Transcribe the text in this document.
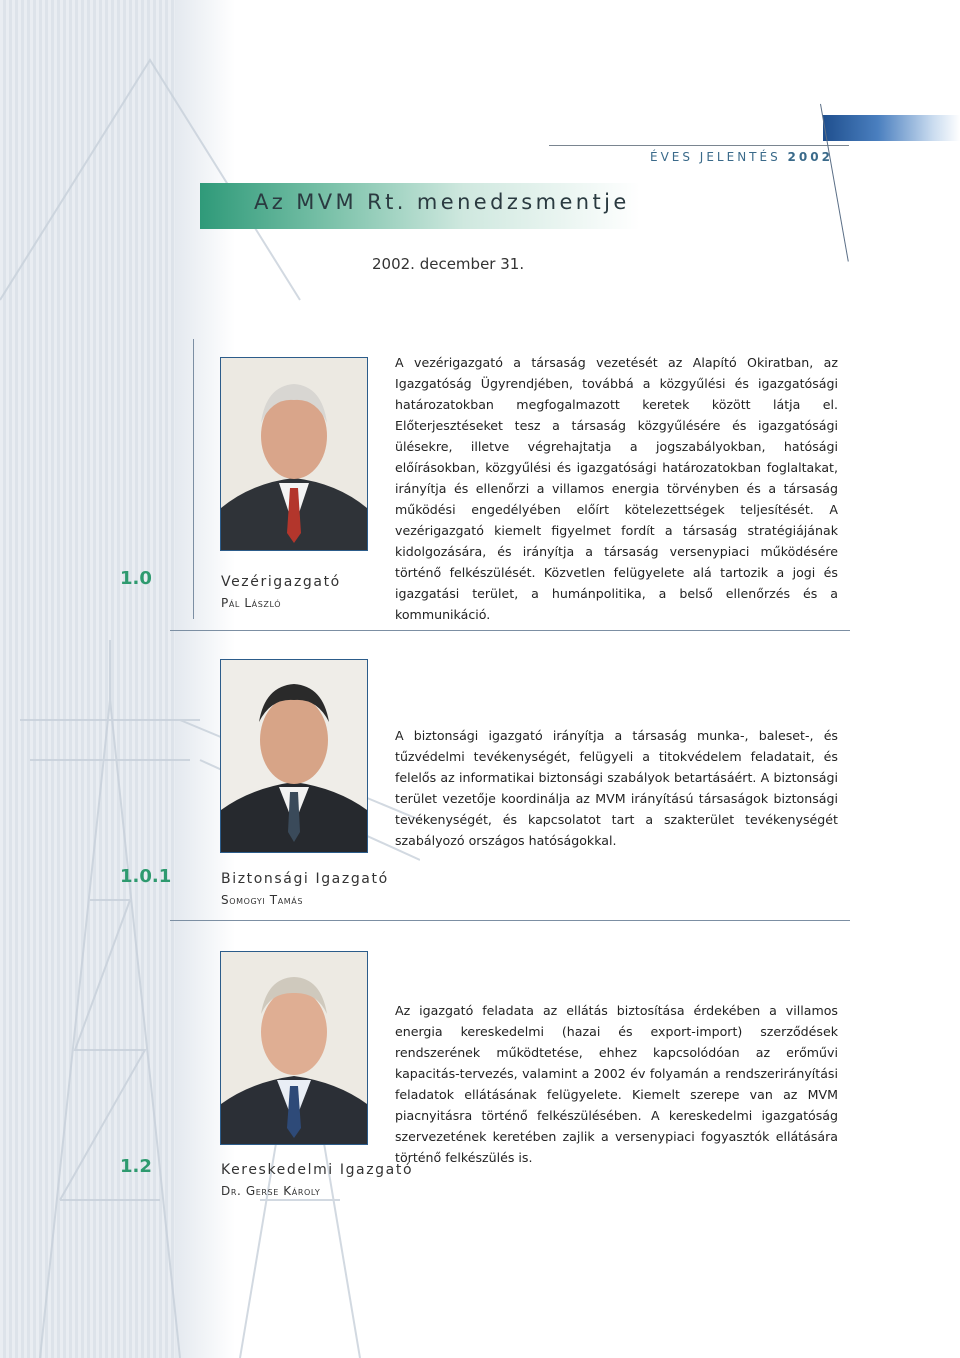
ÉVES JELENTÉS 2002
Az MVM Rt. menedzsmentje
2002. december 31.
1.0	Vezérigazgató
Pál László
A vezérigazgató a társaság vezetését az Alapító Okiratban, az Igazgatóság Ügyrendjében, továbbá a közgyűlési és igazgatósági határozatokban megfogalmazott keretek között látja el. Előterjesztéseket tesz a társaság közgyűlésére és igazgatósági ülésekre, illetve végrehajtatja a jogszabályokban, hatósági előírásokban, közgyűlési és igazgatósági határozatokban foglaltakat, irányítja és ellenőrzi a villamos energia törvényben és a társaság működési engedélyében előírt kötelezettségek teljesítését. A vezérigazgató kiemelt figyelmet fordít a társaság stratégiájának kidolgozására, és irányítja a társaság versenypiaci működésére történő felkészülését. Közvetlen felügyelete alá tartozik a jogi és igazgatási terület, a humánpolitika, a belső ellenőrzés és a kommunikáció.
A biztonsági igazgató irányítja a társaság munka-, baleset-, és tűzvédelmi tevékenységét, felügyeli a titokvédelem feladatait, és felelős az informatikai biztonsági szabályok betartásáért. A biztonsági terület vezetője koordinálja az MVM irányítású társaságok biztonsági tevékenységét, és kapcsolatot tart a szakterület tevékenységét szabályozó országos hatóságokkal.
1.0.1	Biztonsági Igazgató
Somogyi Tamás
Az igazgató feladata az ellátás biztosítása érdekében a villamos energia kereskedelmi (hazai és export-import) szerződések rendszerének működtetése, ehhez kapcsolódóan az erőművi kapacitás-tervezés, valamint a 2002 év folyamán a rendszerirányítási feladatok ellátásának felügyelete. Kiemelt szerepe van az MVM piacnyitásra történő felkészülésében. A kereskedelmi igazgatóság szervezetének keretében zajlik a versenypiaci fogyasztók ellátására történő felkészülés is.
1.2	Kereskedelmi Igazgató
Dr. Gerse Károly
